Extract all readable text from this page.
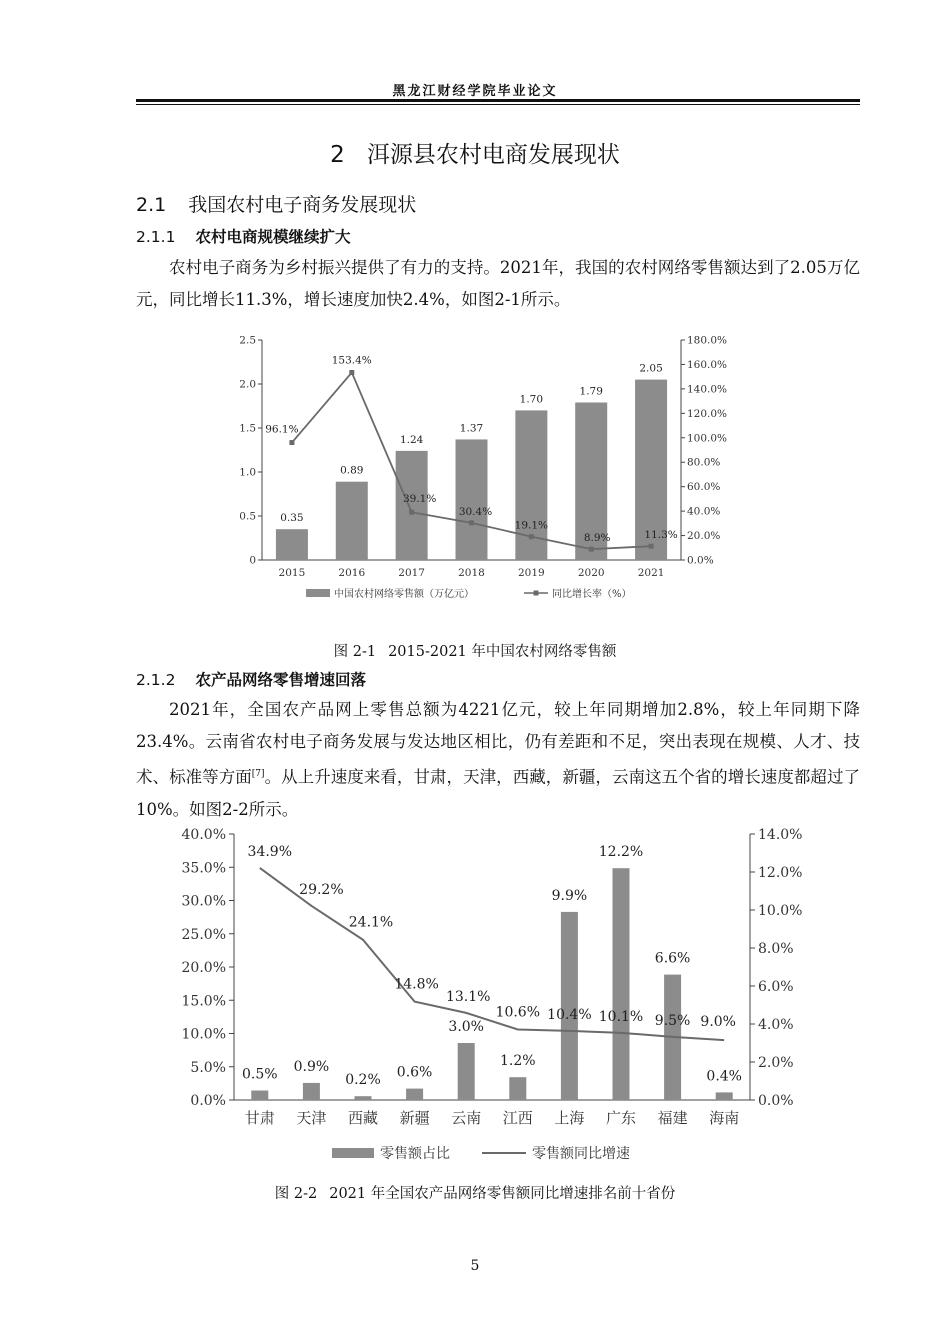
黑龙江财经学院毕业论文
2 洱源县农村电商发展现状
2.1 我国农村电子商务发展现状
2.1.1 农村电商规模继续扩大
农村电子商务为乡村振兴提供了有力的支持。2021年，我国的农村网络零售额达到了2.05万亿元，同比增长11.3%，增长速度加快2.4%，如图2-1所示。
0
0.5
1.0
1.5
2.0
2.5
0.0%
20.0%
40.0%
60.0%
80.0%
100.0%
120.0%
140.0%
160.0%
180.0%
0.35
0.89
1.24
1.37
1.70
1.79
2.05
96.1%
153.4%
39.1%
30.4%
19.1%
8.9%	11.3%
2015	2016	2017	2018	2019	2020	2021
中国农村网络零售额（万亿元）	同比增长率（%）
图 2-1 2015-2021 年中国农村网络零售额
2.1.2 农产品网络零售增速回落
2021年，全国农产品网上零售总额为4221亿元，较上年同期增加2.8%，较上年同期下降23.4%。云南省农村电子商务发展与发达地区相比，仍有差距和不足，突出表现在规模、人才、技术、标准等方面[7]。从上升速度来看，甘肃，天津，西藏，新疆，云南这五个省的增长速度都超过了10%。如图2-2所示。
0.0%
5.0%
10.0%
15.0%
20.0%
25.0%
30.0%
35.0%
40.0%
0.0%
2.0%
4.0%
6.0%
8.0%
10.0%
12.0%
14.0%
0.5% 0.9%
0.2% 0.6%
3.0%
1.2%
9.9%
12.2%
6.6%
0.4%
34.9%
29.2%
24.1%
14.8%
13.1%
10.6% 10.4% 10.1% 9.5% 9.0%
甘肃 天津 西藏 新疆 云南 江西 上海 广东 福建 海南
零售额占比	零售额同比增速
图 2-2 2021 年全国农产品网络零售额同比增速排名前十省份
5
